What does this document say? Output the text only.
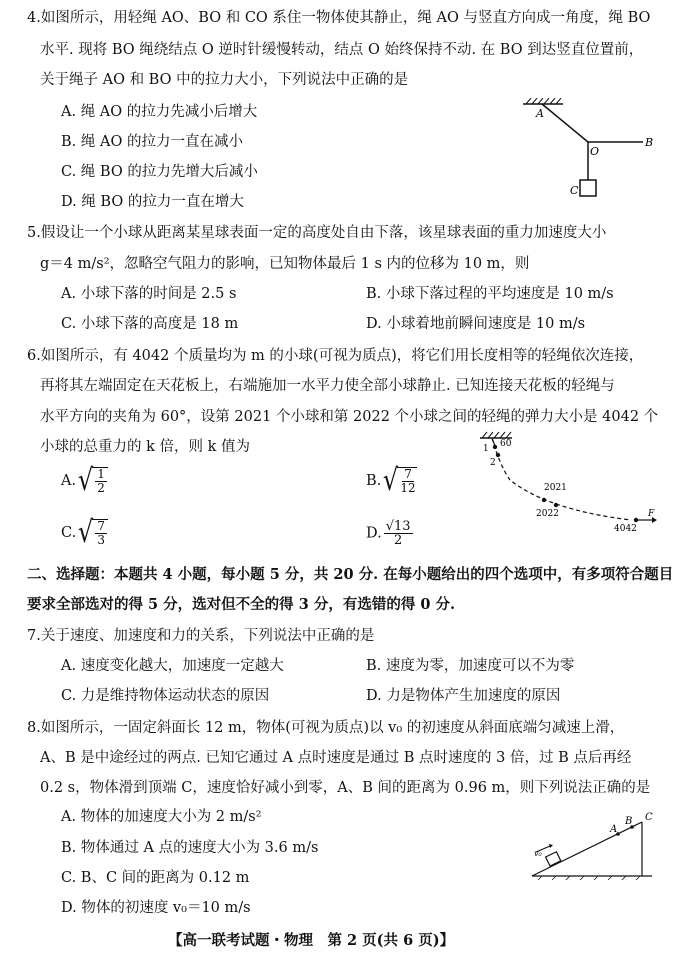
4.如图所示，用轻绳 AO、BO 和 CO 系住一物体使其静止，绳 AO 与竖直方向成一角度，绳 BO
水平. 现将 BO 绳绕结点 O 逆时针缓慢转动，结点 O 始终保持不动. 在 BO 到达竖直位置前，
关于绳子 AO 和 BO 中的拉力大小，下列说法中正确的是
A. 绳 AO 的拉力先减小后增大
B. 绳 AO 的拉力一直在减小
C. 绳 BO 的拉力先增大后减小
D. 绳 BO 的拉力一直在增大
A
O
B
C
5.假设让一个小球从距离某星球表面一定的高度处自由下落，该星球表面的重力加速度大小
g＝4 m/s²，忽略空气阻力的影响，已知物体最后 1 s 内的位移为 10 m，则
A. 小球下落的时间是 2.5 s	B. 小球下落过程的平均速度是 10 m/s
C. 小球下落的高度是 18 m	D. 小球着地前瞬间速度是 10 m/s
6.如图所示，有 4042 个质量均为 m 的小球(可视为质点)，将它们用长度相等的轻绳依次连接，
再将其左端固定在天花板上，右端施加一水平力使全部小球静止. 已知连接天花板的轻绳与
水平方向的夹角为 60°，设第 2021 个小球和第 2022 个小球之间的轻绳的弹力大小是 4042 个
小球的总重力的 k 倍，则 k 值为
A. √ $\frac{1}{2}$	B. √ $\frac{7}{12}$
C. √ $\frac{7}{3}$	D. $\frac{√13}{2}$
60
1
2
2021
2022
4042
F
二、选择题：本题共 4 小题，每小题 5 分，共 20 分. 在每小题给出的四个选项中，有多项符合题目
要求全部选对的得 5 分，选对但不全的得 3 分，有选错的得 0 分.
7.关于速度、加速度和力的关系，下列说法中正确的是
A. 速度变化越大，加速度一定越大	B. 速度为零，加速度可以不为零
C. 力是维持物体运动状态的原因	D. 力是物体产生加速度的原因
8.如图所示，一固定斜面长 12 m，物体(可视为质点)以 v₀ 的初速度从斜面底端匀减速上滑，
A、B 是中途经过的两点. 已知它通过 A 点时速度是通过 B 点时速度的 3 倍，过 B 点后再经
0.2 s，物体滑到顶端 C，速度恰好减小到零，A、B 间的距离为 0.96 m，则下列说法正确的是
A. 物体的加速度大小为 2 m/s²
B. 物体通过 A 点的速度大小为 3.6 m/s
C. B、C 间的距离为 0.12 m
D. 物体的初速度 v₀＝10 m/s
A
B C
v₀
【高一联考试题・物理　第 2 页(共 6 页)】
